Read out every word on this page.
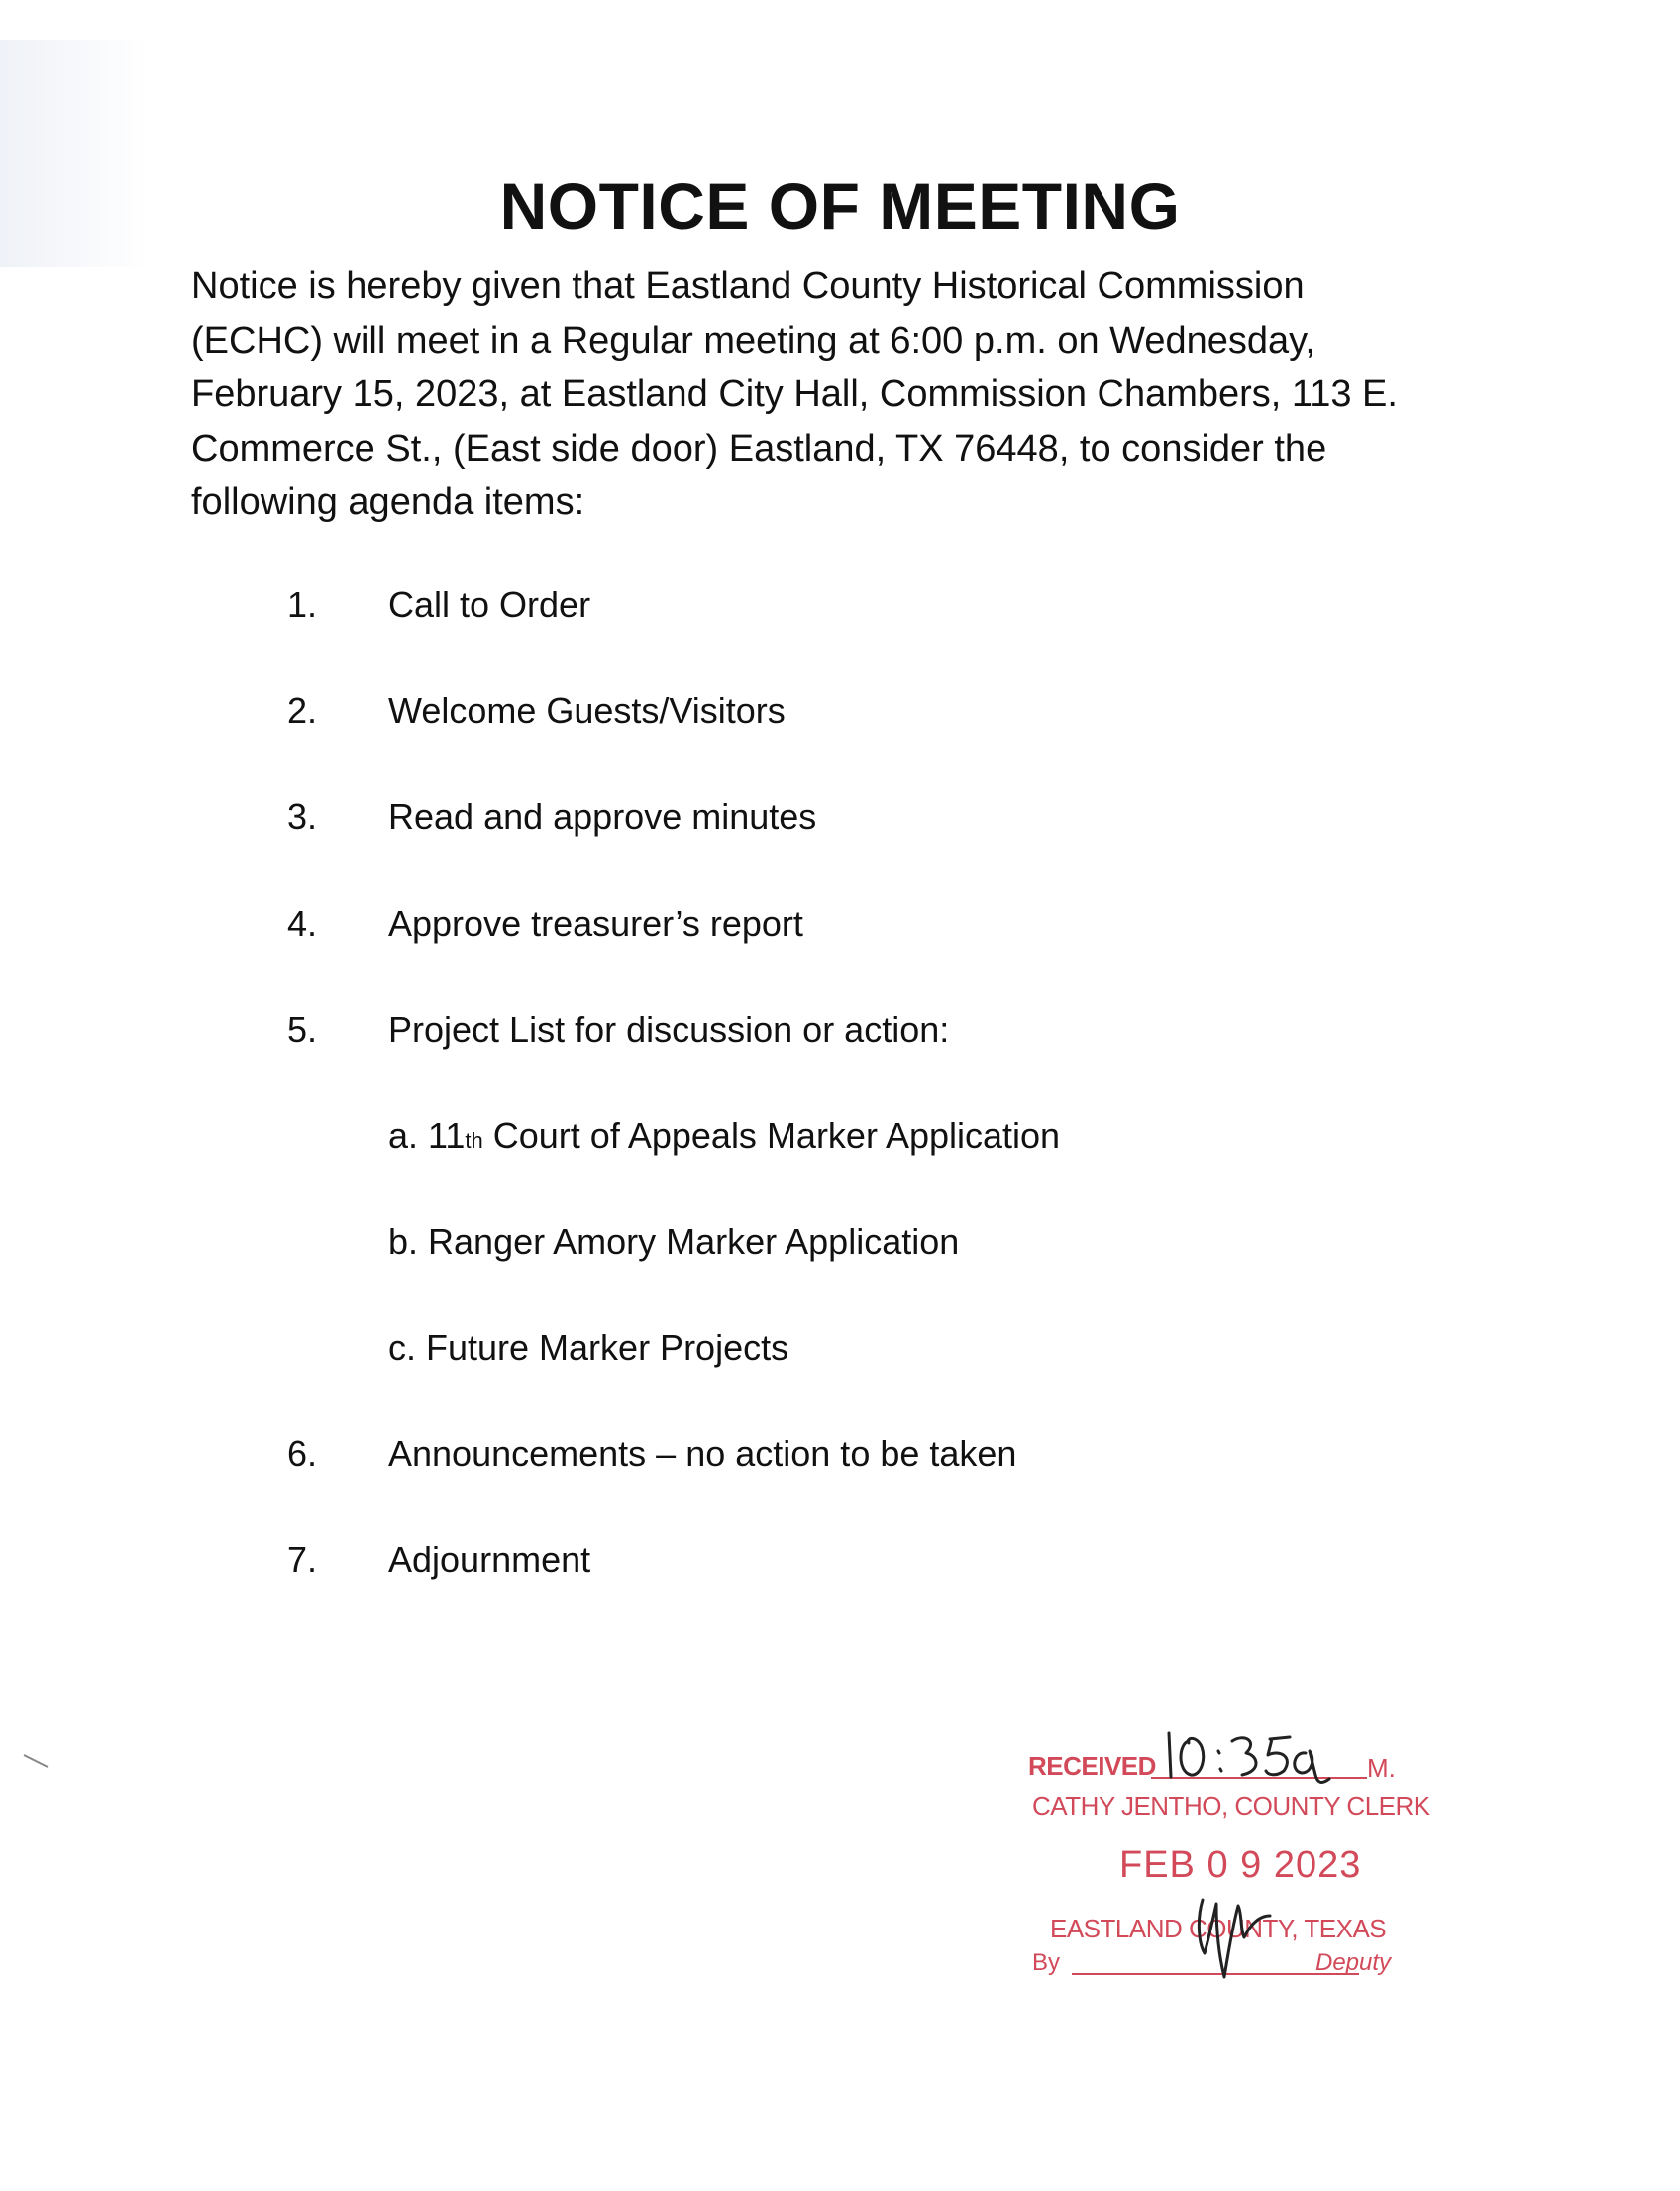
NOTICE OF MEETING
Notice is hereby given that Eastland County Historical Commission
(ECHC) will meet in a Regular meeting at 6:00 p.m. on Wednesday,
February 15, 2023, at Eastland City Hall, Commission Chambers, 113 E.
Commerce St., (East side door) Eastland, TX 76448, to consider the
following agenda items:
1. Call to Order
2. Welcome Guests/Visitors
3. Read and approve minutes
4. Approve treasurer’s report
5. Project List for discussion or action:
a. 11th Court of Appeals Marker Application
b. Ranger Amory Marker Application
c. Future Marker Projects
6. Announcements – no action to be taken
7. Adjournment
RECEIVED	M.
CATHY JENTHO, COUNTY CLERK
FEB 0 9 2023
EASTLAND COUNTY, TEXAS
By	Deputy
